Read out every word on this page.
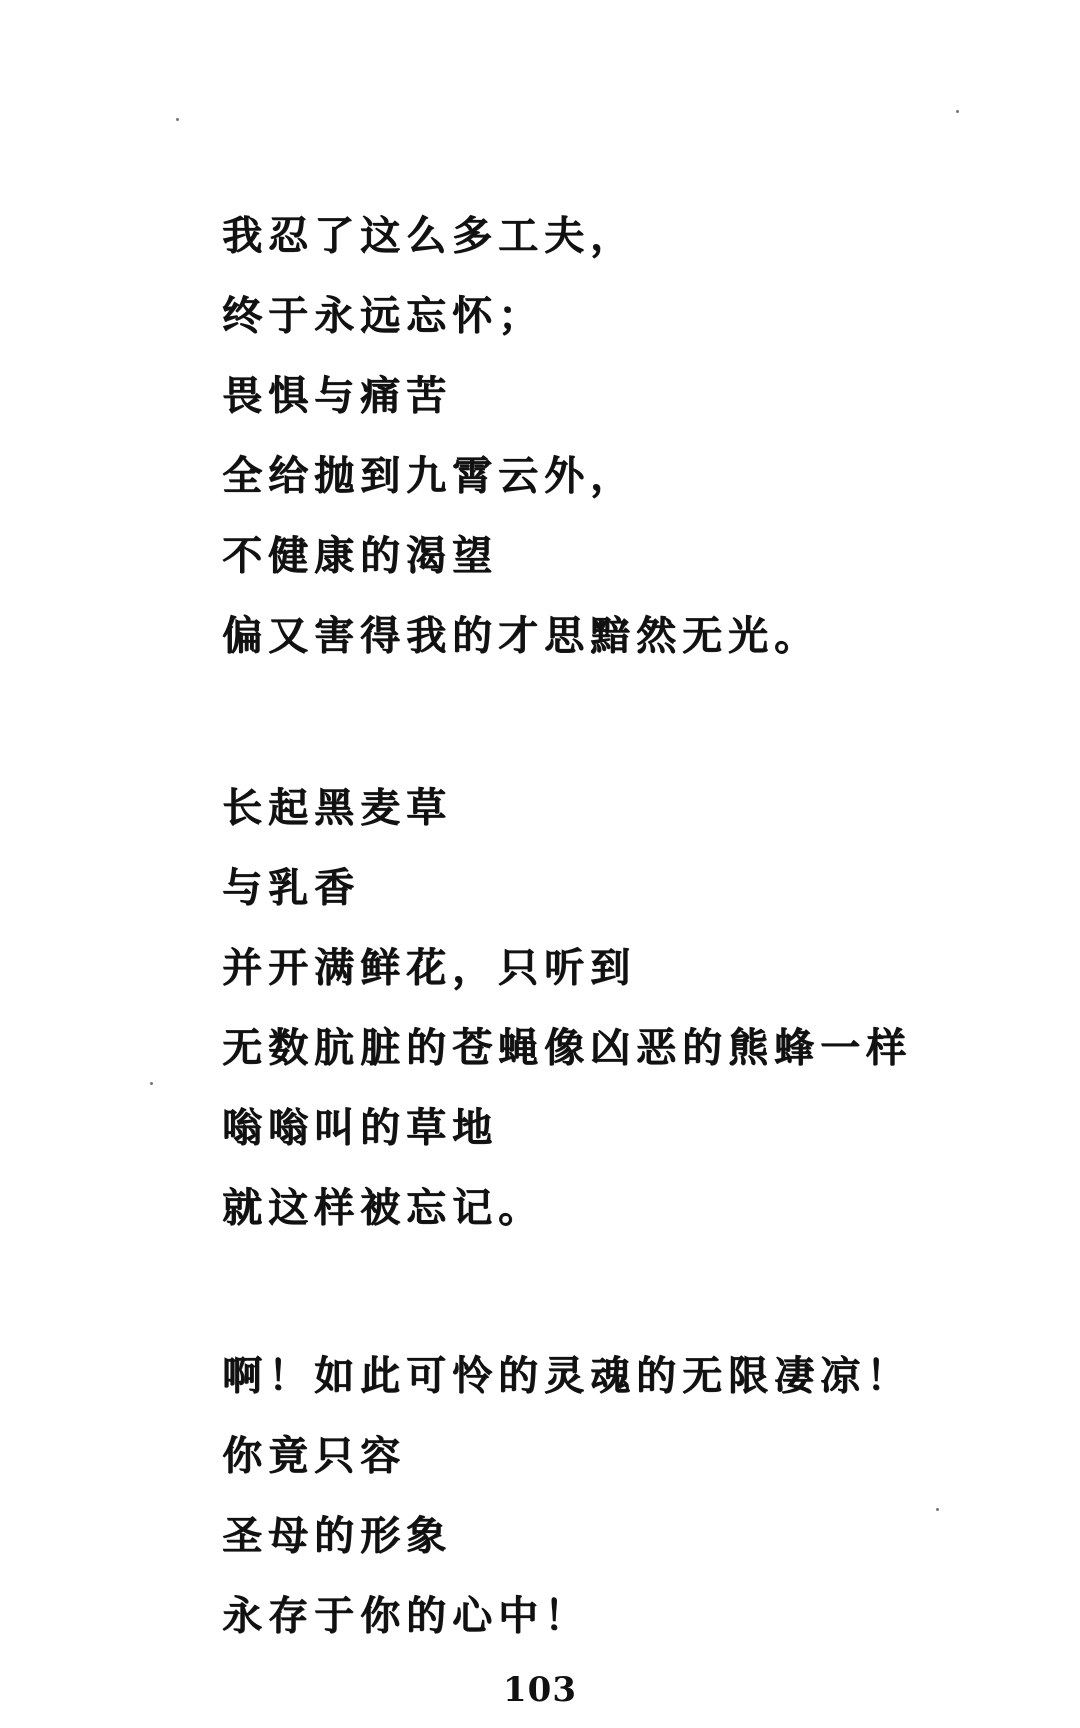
我忍了这么多工夫，
终于永远忘怀；
畏惧与痛苦
全给抛到九霄云外，
不健康的渴望
偏又害得我的才思黯然无光。
长起黑麦草
与乳香
并开满鲜花，只听到
无数肮脏的苍蝇像凶恶的熊蜂一样
嗡嗡叫的草地
就这样被忘记。
啊！如此可怜的灵魂的无限凄凉！
你竟只容
圣母的形象
永存于你的心中！
103
